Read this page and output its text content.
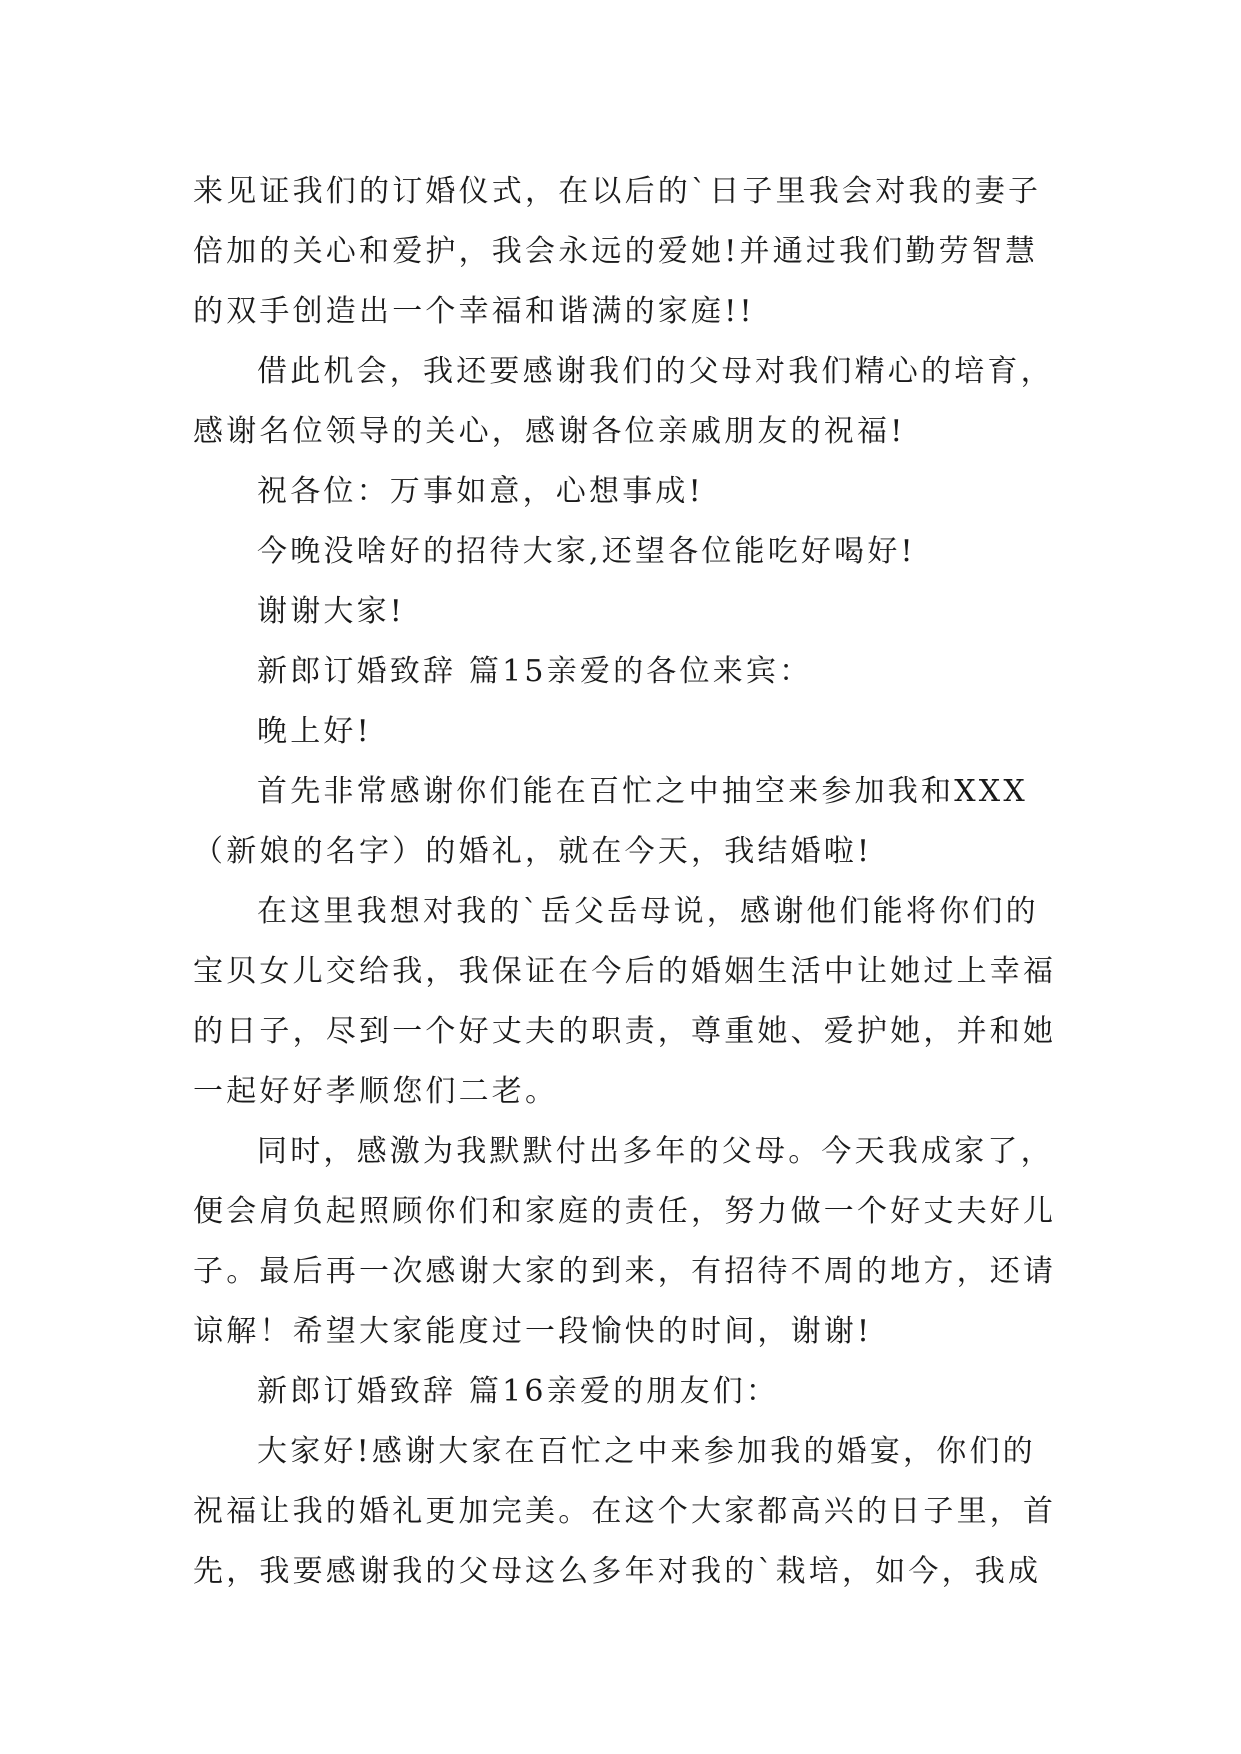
来见证我们的订婚仪式，在以后的`日子里我会对我的妻子
倍加的关心和爱护，我会永远的爱她!并通过我们勤劳智慧
的双手创造出一个幸福和谐满的家庭!!
借此机会，我还要感谢我们的父母对我们精心的培育，
感谢名位领导的关心，感谢各位亲戚朋友的祝福!
祝各位：万事如意，心想事成!
今晚没啥好的招待大家,还望各位能吃好喝好!
谢谢大家!
新郎订婚致辞 篇15亲爱的各位来宾：
晚上好!
首先非常感谢你们能在百忙之中抽空来参加我和XXX
（新娘的名字）的婚礼，就在今天，我结婚啦!
在这里我想对我的`岳父岳母说，感谢他们能将你们的
宝贝女儿交给我，我保证在今后的婚姻生活中让她过上幸福
的日子，尽到一个好丈夫的职责，尊重她、爱护她，并和她
一起好好孝顺您们二老。
同时，感激为我默默付出多年的父母。今天我成家了，
便会肩负起照顾你们和家庭的责任，努力做一个好丈夫好儿
子。最后再一次感谢大家的到来，有招待不周的地方，还请
谅解！希望大家能度过一段愉快的时间，谢谢!
新郎订婚致辞 篇16亲爱的朋友们：
大家好!感谢大家在百忙之中来参加我的婚宴，你们的
祝福让我的婚礼更加完美。在这个大家都高兴的日子里，首
先，我要感谢我的父母这么多年对我的`栽培，如今，我成
